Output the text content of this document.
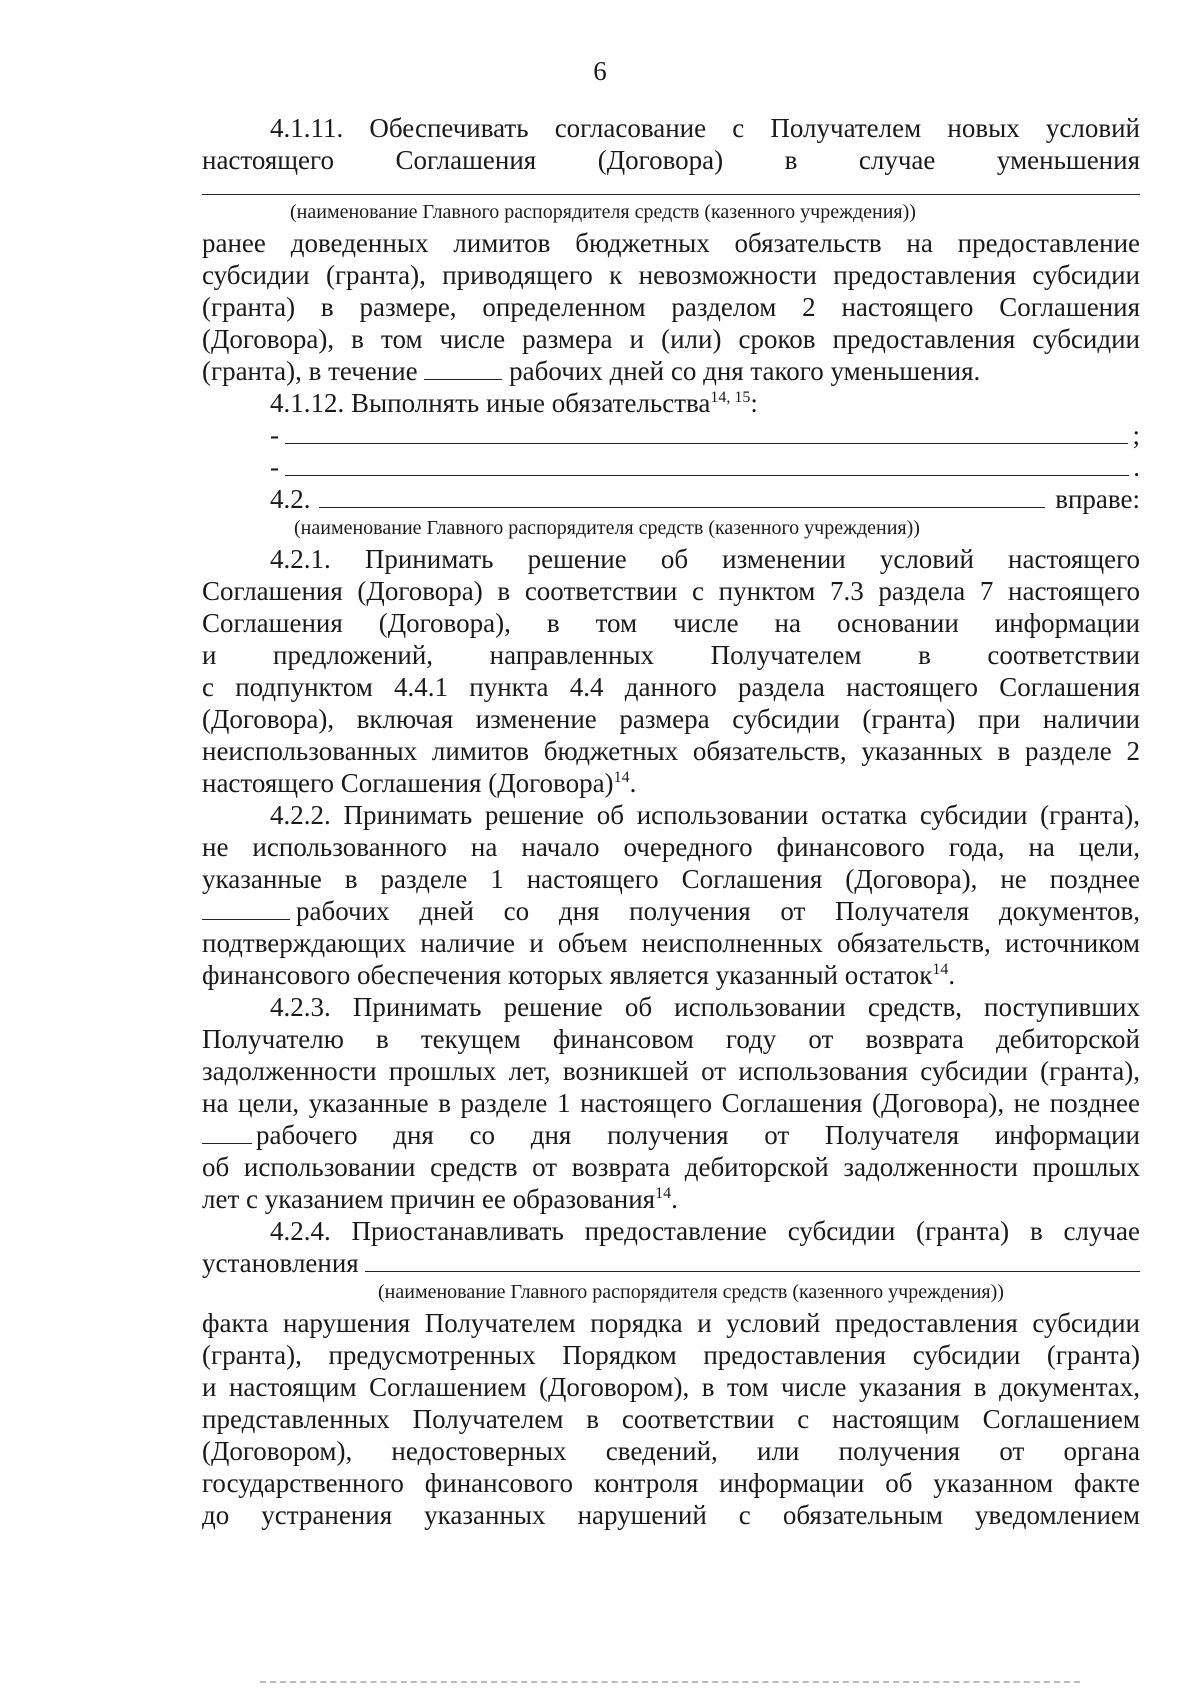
6
4.1.11. Обеспечивать согласование с Получателем новых условий
настоящего Соглашения (Договора) в случае уменьшения
(наименование Главного распорядителя средств (казенного учреждения))
ранее доведенных лимитов бюджетных обязательств на предоставление
субсидии (гранта), приводящего к невозможности предоставления субсидии
(гранта) в размере, определенном разделом 2 настоящего Соглашения
(Договора), в том числе размера и (или) сроков предоставления субсидии
(гранта), в течение	рабочих дней со дня такого уменьшения.
4.1.12. Выполнять иные обязательства$^{14, 15}$:
-	;
-	.
4.2.	вправе:
(наименование Главного распорядителя средств (казенного учреждения))
4.2.1. Принимать решение об изменении условий настоящего
Соглашения (Договора) в соответствии с пунктом 7.3 раздела 7 настоящего
Соглашения (Договора), в том числе на основании информации
и предложений, направленных Получателем в соответствии
с подпунктом 4.4.1 пункта 4.4 данного раздела настоящего Соглашения
(Договора), включая изменение размера субсидии (гранта) при наличии
неиспользованных лимитов бюджетных обязательств, указанных в разделе 2
настоящего Соглашения (Договора)$^{14}$.
4.2.2. Принимать решение об использовании остатка субсидии (гранта),
не использованного на начало очередного финансового года, на цели,
указанные в разделе 1 настоящего Соглашения (Договора), не позднее
рабочих дней со дня получения от Получателя документов,
подтверждающих наличие и объем неисполненных обязательств, источником
финансового обеспечения которых является указанный остаток$^{14}$.
4.2.3. Принимать решение об использовании средств, поступивших
Получателю в текущем финансовом году от возврата дебиторской
задолженности прошлых лет, возникшей от использования субсидии (гранта),
на цели, указанные в разделе 1 настоящего Соглашения (Договора), не позднее
рабочего дня со дня получения от Получателя информации
об использовании средств от возврата дебиторской задолженности прошлых
лет с указанием причин ее образования$^{14}$.
4.2.4. Приостанавливать предоставление субсидии (гранта) в случае
установления
(наименование Главного распорядителя средств (казенного учреждения))
факта нарушения Получателем порядка и условий предоставления субсидии
(гранта), предусмотренных Порядком предоставления субсидии (гранта)
и настоящим Соглашением (Договором), в том числе указания в документах,
представленных Получателем в соответствии с настоящим Соглашением
(Договором), недостоверных сведений, или получения от органа
государственного финансового контроля информации об указанном факте
до устранения указанных нарушений с обязательным уведомлением
